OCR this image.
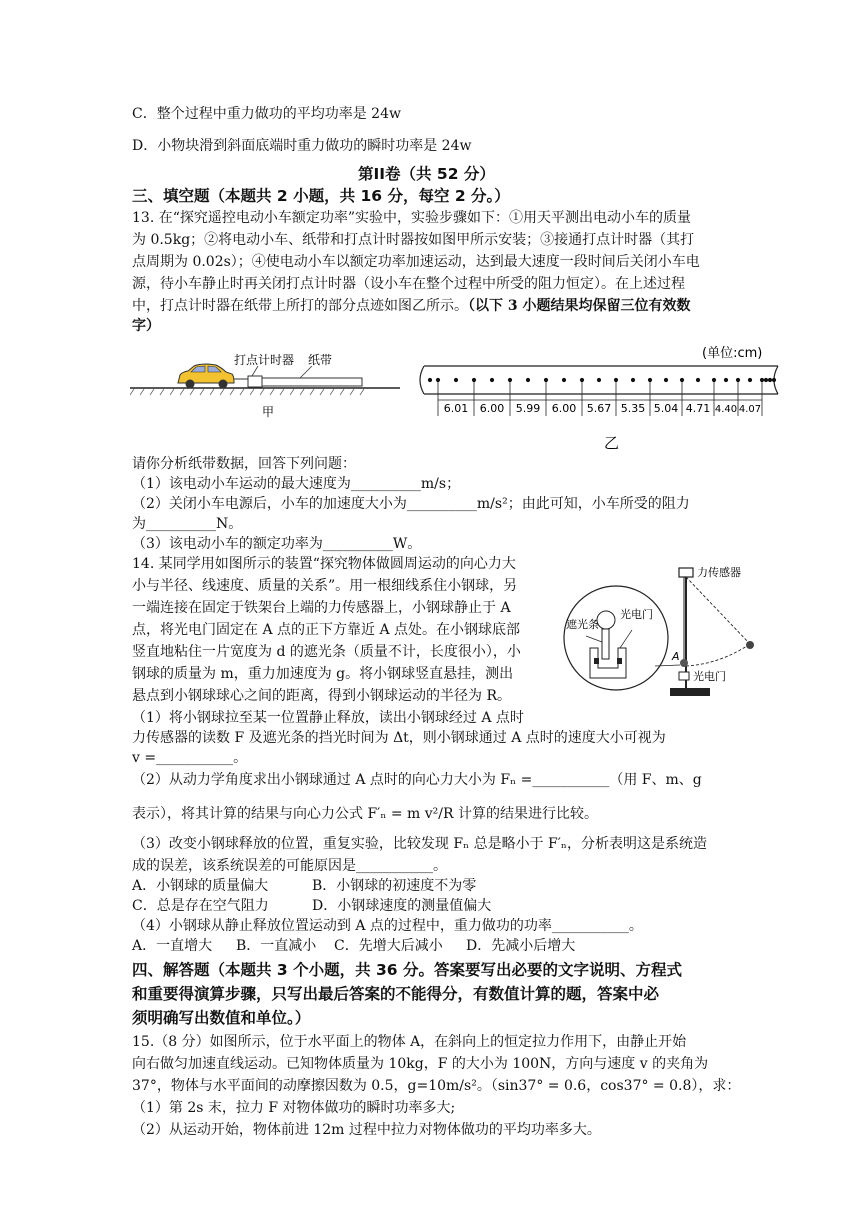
C．整个过程中重力做功的平均功率是 24w
D．小物块滑到斜面底端时重力做功的瞬时功率是 24w
第II卷（共 52 分）
三、填空题（本题共 2 小题，共 16 分，每空 2 分。）
13. 在“探究遥控电动小车额定功率”实验中，实验步骤如下：①用天平测出电动小车的质量
为 0.5kg；②将电动小车、纸带和打点计时器按如图甲所示安装；③接通打点计时器（其打
点周期为 0.02s）；④使电动小车以额定功率加速运动，达到最大速度一段时间后关闭小车电
源，待小车静止时再关闭打点计时器（设小车在整个过程中所受的阻力恒定）。在上述过程
中，打点计时器在纸带上所打的部分点迹如图乙所示。（以下 3 小题结果均保留三位有效数
字）
打点计时器 纸带
甲
(单位:cm)
6.01 6.00 5.99 6.00 5.67 5.35 5.04 4.71 4.40 4.07
乙
请你分析纸带数据，回答下列问题：
（1）该电动小车运动的最大速度为__________m/s；
（2）关闭小车电源后，小车的加速度大小为__________m/s²；由此可知，小车所受的阻力
为__________N。
（3）该电动小车的额定功率为__________W。
14. 某同学用如图所示的装置“探究物体做圆周运动的向心力大
小与半径、线速度、质量的关系”。用一根细线系住小钢球，另
一端连接在固定于铁架台上端的力传感器上，小钢球静止于 A
点，将光电门固定在 A 点的正下方靠近 A 点处。在小钢球底部
竖直地粘住一片宽度为 d 的遮光条（质量不计，长度很小），小
钢球的质量为 m，重力加速度为 g。将小钢球竖直悬挂，测出
悬点到小钢球球心之间的距离，得到小钢球运动的半径为 R。
（1）将小钢球拉至某一位置静止释放，读出小钢球经过 A 点时
力传感器
A
光电门
遮光条
光电门
力传感器的读数 F 及遮光条的挡光时间为 Δt，则小钢球通过 A 点时的速度大小可视为
v =___________。
（2）从动力学角度求出小钢球通过 A 点时的向心力大小为 Fₙ =___________（用 F、m、g
表示），将其计算的结果与向心力公式 F′ₙ = m v²/R 计算的结果进行比较。
（3）改变小钢球释放的位置，重复实验，比较发现 Fₙ 总是略小于 F′ₙ，分析表明这是系统造
成的误差，该系统误差的可能原因是___________。
A．小钢球的质量偏大	B．小钢球的初速度不为零
C．总是存在空气阻力	D．小钢球速度的测量值偏大
（4）小钢球从静止释放位置运动到 A 点的过程中，重力做功的功率___________。
A．一直增大 B．一直减小 C．先增大后减小 D．先减小后增大
四、解答题（本题共 3 个小题，共 36 分。答案要写出必要的文字说明、方程式
和重要得演算步骤，只写出最后答案的不能得分，有数值计算的题，答案中必
须明确写出数值和单位。）
15.（8 分）如图所示，位于水平面上的物体 A，在斜向上的恒定拉力作用下，由静止开始
向右做匀加速直线运动。已知物体质量为 10kg，F 的大小为 100N，方向与速度 v 的夹角为
37°，物体与水平面间的动摩擦因数为 0.5，g=10m/s²。（sin37° = 0.6，cos37° = 0.8），求：
（1）第 2s 末，拉力 F 对物体做功的瞬时功率多大;
（2）从运动开始，物体前进 12m 过程中拉力对物体做功的平均功率多大。
